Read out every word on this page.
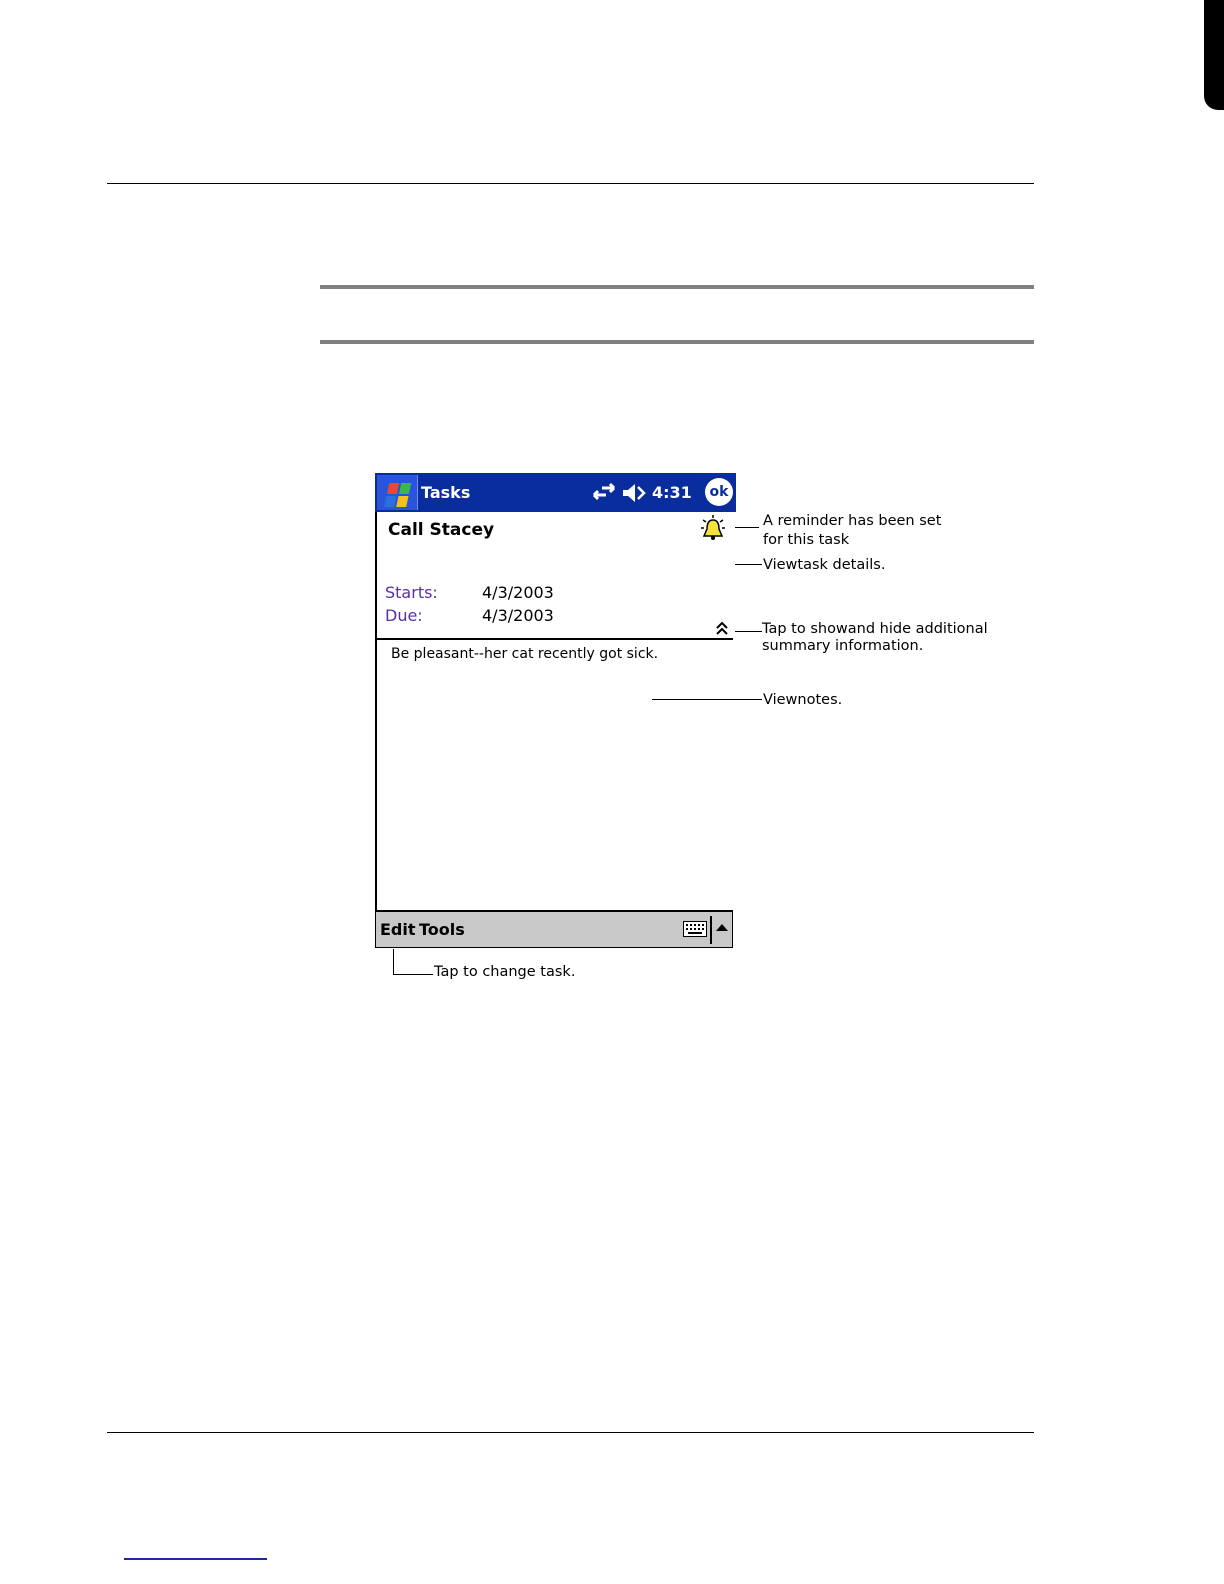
Tasks	4:31 ok
Call Stacey
Starts:	4/3/2003
Due:	4/3/2003
Be pleasant--her cat recently got sick.
Edit Tools
A reminder has been set
for this task
Viewtask details.
Tap to showand hide additional
summary information.
Viewnotes.
Tap to change task.
